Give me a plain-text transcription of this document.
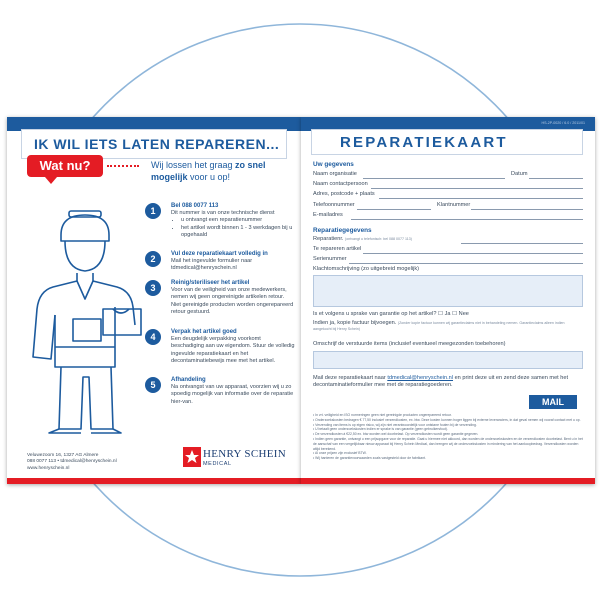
IK WIL IETS LATEN REPAREREN...
Wat nu?	Wij lossen het graag zo snel mogelijk voor u op!
1	Bel 088 0077 113
Dit nummer is van onze technische dienst
• u ontvangt een reparatienummer
• het artikel wordt binnen 1 - 3 werkdagen bij u opgehaald
2	Vul deze reparatiekaart volledig in
Mail het ingevulde formulier naar tdmedical@henryschein.nl
3	Reinig/steriliseer het artikel
Voor van de veiligheid van onze medewerkers, nemen wij geen ongereinigde artikelen retour. Niet gereinigde producten worden ongerepareerd retour gestuurd.
4	Verpak het artikel goed
Een deugdelijk verpakking voorkomt beschadiging aan uw eigendom. Stuur de volledig ingevulde reparatiekaart en het decontaminatiebewijs mee met het artikel.
5	Afhandeling
Na ontvangst van uw apparaat, voorzien wij u zo spoedig mogelijk van informatie over de reparatie hier-van.
Veluwezoom 16, 1327 AG Almere
088 0077 113 • tdmedical@henryschein.nl
www.henryschein.nl
HENRY SCHEIN
MEDICAL
HS-2P-0020 / 6.0 / 2011/01
REPARATIEKAART
Uw gegevens
Naam organisatie	Datum
Naam contactpersoon
Adres, postcode + plaats
Telefoonnummer	Klantnummer
E-mailadres
Reparatiegegevens
Reparatienr. (ontvangt u telefonisch: bel 088 0077 113)
Te repareren artikel
Serienummer
Klachtomschrijving (zo uitgebreid mogelijk)
Is et volgens u sprake van garantie op het artikel? ☐ Ja ☐ Nee
Indien ja, kopie factuur bijvoegen. (Zonder kopie factuur kunnen wij garantieclaims niet in behandeling nemen. Garantieclaims alleen indien aangekocht bij Henry Schein)
Omschrijf de verstuurde items (inclusief eventueel meegezonden toebehoren)
Mail deze reparatiekaart naar tdmedical@henryschein.nl en print deze uit en zend deze samen met het decontaminatieformulier mee met de reparatiegoederen.
MAIL
• In vrt. veiligheid en ISO normeringen geen niet gereinigde producten ongerepareerd retour.
• Onderzoekskosten bedragen € 77,50 inclusief verzendkosten, ex. btw. Deze kosten kunnen hoger liggen bij externe leveranciers, in dat geval nemen wij vooraf contact met u op.
• Verzending van items is op eigen risico, wij zijn niet verantwoordelijk voor ontstane fouten bij de verzending.
• U betaalt geen onderzoekskosten indien er sprake is van garantie (geen gebruikersfout).
• De verzendkosten à €22,50 ex. btw worden wel doorbelast. Op verzendkosten wordt geen garantie gegeven.
• Indien geen garantie, ontvangt u een prijsopgave voor de reparatie. Gaat u hiermee niet akkoord, dan worden de onderzoekskosten en de verzendkosten doorbelast. Bent u in het de aanschaf van een vergelijkbaar nieuw apparaat bij Henry Schein Medical, dan brengen wij de onderzoekskosten in mindering van het aankoopbedrag. Verzendkosten worden altijd berekend.
• Al onze prijzen zijn exclusief BTW.
• Wij hanteren de garantievoorwaarden zoals vastgesteld door de fabrikant.
